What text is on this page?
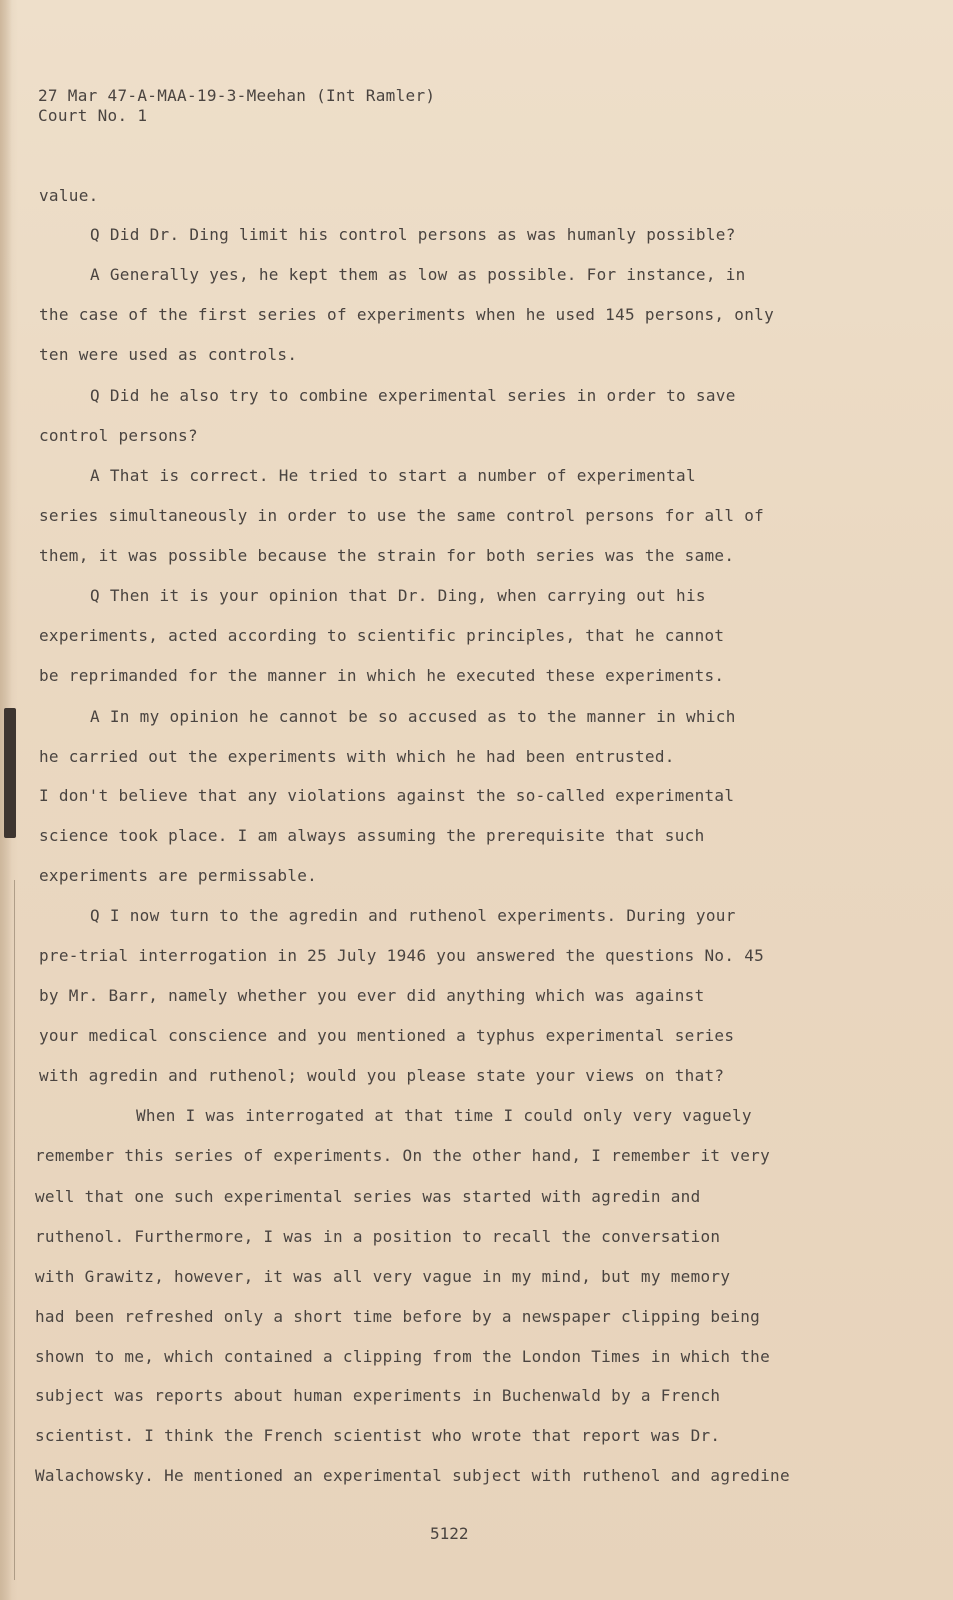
27 Mar 47-A-MAA-19-3-Meehan (Int Ramler)
Court No. 1
value.
Q Did Dr. Ding limit his control persons as was humanly possible?
A Generally yes, he kept them as low as possible. For instance, in
the case of the first series of experiments when he used 145 persons, only
ten were used as controls.
Q Did he also try to combine experimental series in order to save
control persons?
A That is correct. He tried to start a number of experimental
series simultaneously in order to use the same control persons for all of
them, it was possible because the strain for both series was the same.
Q Then it is your opinion that Dr. Ding, when carrying out his
experiments, acted according to scientific principles, that he cannot
be reprimanded for the manner in which he executed these experiments.
A In my opinion he cannot be so accused as to the manner in which
he carried out the experiments with which he had been entrusted.
I don't believe that any violations against the so-called experimental
science took place. I am always assuming the prerequisite that such
experiments are permissable.
Q I now turn to the agredin and ruthenol experiments. During your
pre-trial interrogation in 25 July 1946 you answered the questions No. 45
by Mr. Barr, namely whether you ever did anything which was against
your medical conscience and you mentioned a typhus experimental series
with agredin and ruthenol; would you please state your views on that?
When I was interrogated at that time I could only very vaguely
remember this series of experiments. On the other hand, I remember it very
well that one such experimental series was started with agredin and
ruthenol. Furthermore, I was in a position to recall the conversation
with Grawitz, however, it was all very vague in my mind, but my memory
had been refreshed only a short time before by a newspaper clipping being
shown to me, which contained a clipping from the London Times in which the
subject was reports about human experiments in Buchenwald by a French
scientist. I think the French scientist who wrote that report was Dr.
Walachowsky. He mentioned an experimental subject with ruthenol and agredine
5122
